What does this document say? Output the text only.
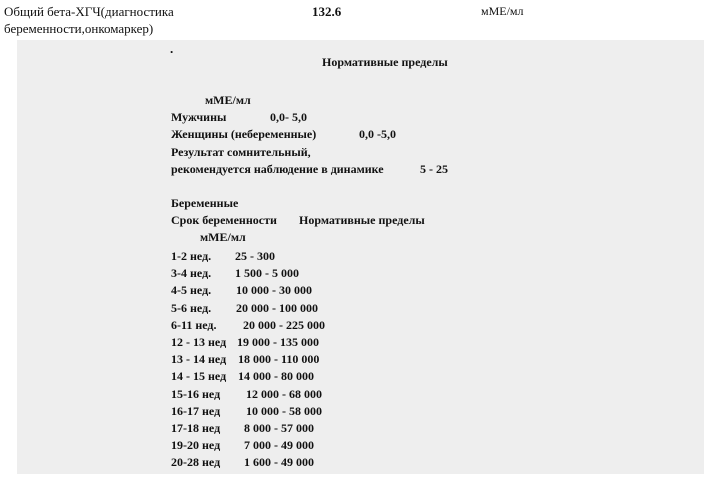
Общий бета-ХГЧ(диагностика беременности,онкомаркер)
132.6	мМЕ/мл
.
Нормативные пределы
мМЕ/мл
Мужчины	0,0- 5,0
Женщины (небеременные)	0,0 -5,0
Результат сомнительный,
рекомендуется наблюдение в динамике	5 - 25
Беременные
Срок беременности Нормативные пределы
мМЕ/мл
1-2 нед. 25 - 300
3-4 нед. 1 500 - 5 000
4-5 нед. 10 000 - 30 000
5-6 нед. 20 000 - 100 000
6-11 нед. 20 000 - 225 000
12 - 13 нед 19 000 - 135 000
13 - 14 нед 18 000 - 110 000
14 - 15 нед 14 000 - 80 000
15-16 нед 12 000 - 68 000
16-17 нед 10 000 - 58 000
17-18 нед 8 000 - 57 000
19-20 нед 7 000 - 49 000
20-28 нед 1 600 - 49 000
